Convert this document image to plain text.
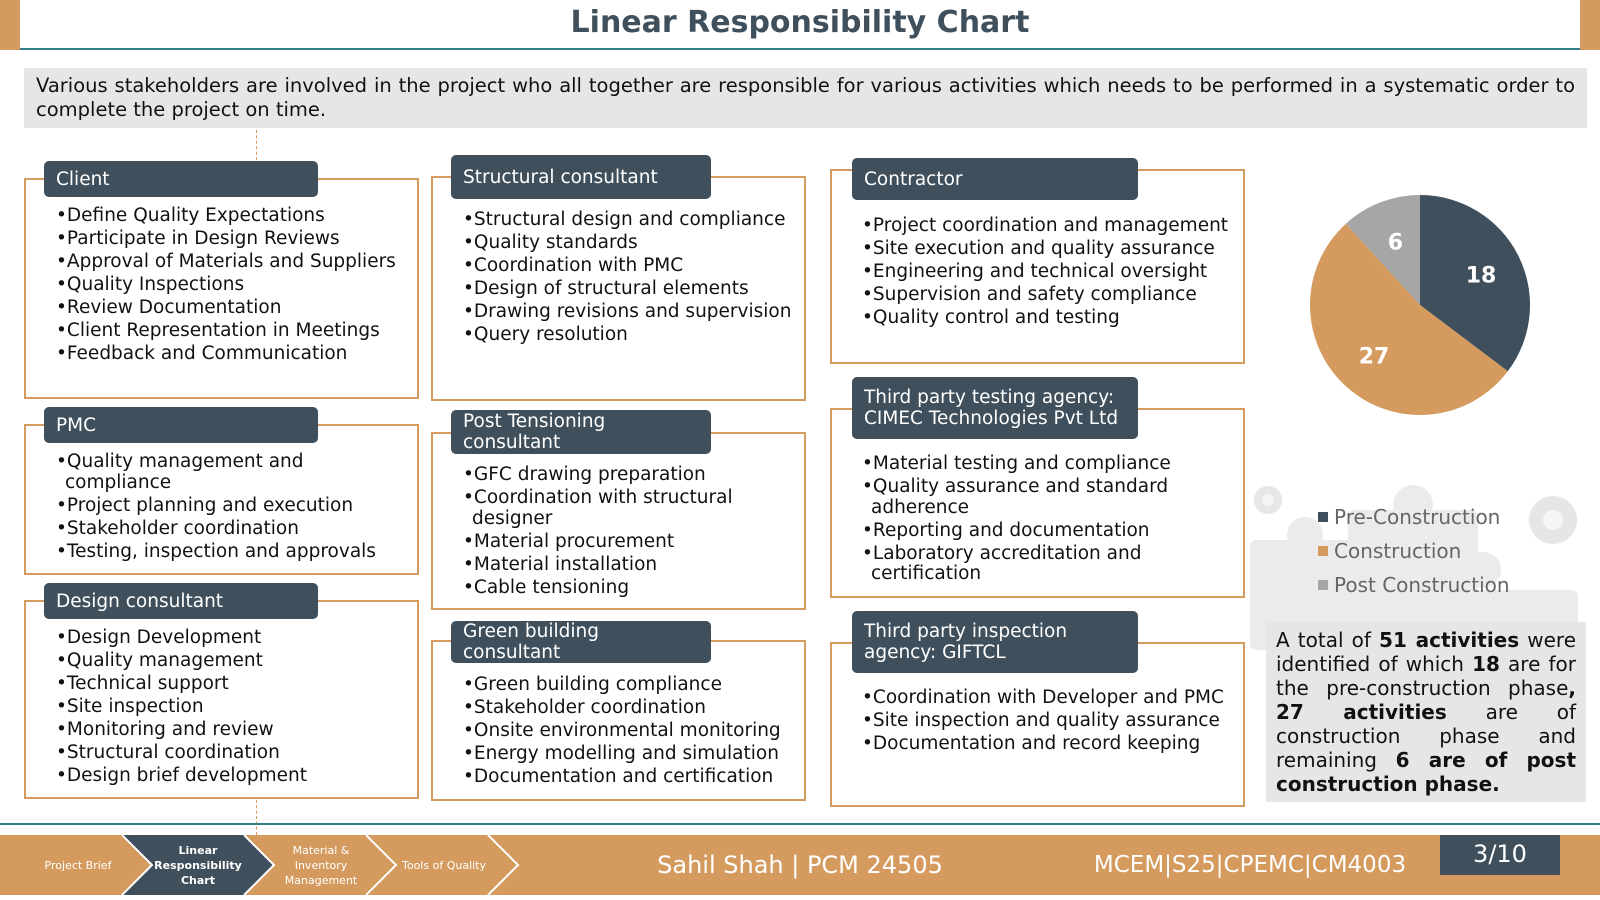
Linear Responsibility Chart
Various stakeholders are involved in the project who all together are responsible for various activities which needs to be performed in a systematic order to complete the project on time.
• Define Quality Expectations
• Participate in Design Reviews
• Approval of Materials and Suppliers
• Quality Inspections
• Review Documentation
• Client Representation in Meetings
• Feedback and Communication
Client
• Quality management and compliance
• Project planning and execution
• Stakeholder coordination
• Testing, inspection and approvals
PMC
• Design Development
• Quality management
• Technical support
• Site inspection
• Monitoring and review
• Structural coordination
• Design brief development
Design consultant
• Structural design and compliance
• Quality standards
• Coordination with PMC
• Design of structural elements
• Drawing revisions and supervision
• Query resolution
Structural consultant
• GFC drawing preparation
• Coordination with structural designer
• Material procurement
• Material installation
• Cable tensioning
Post Tensioning consultant
• Green building compliance
• Stakeholder coordination
• Onsite environmental monitoring
• Energy modelling and simulation
• Documentation and certification
Green building consultant
• Project coordination and management
• Site execution and quality assurance
• Engineering and technical oversight
• Supervision and safety compliance
• Quality control and testing
Contractor
• Material testing and compliance
• Quality assurance and standard adherence
• Reporting and documentation
• Laboratory accreditation and certification
Third party testing agency: CIMEC Technologies Pvt Ltd
• Coordination with Developer and PMC
• Site inspection and quality assurance
• Documentation and record keeping
Third party inspection agency: GIFTCL
18
27
6
Pre-Construction
Construction
Post Construction
A total of 51 activities were identified of which 18 are for the pre-construction phase, 27 activities are of construction phase and remaining 6 are of post construction phase.
Project Brief
Linear Responsibility Chart
Material & Inventory Management
Tools of Quality	Sahil Shah | PCM 24505	MCEM|S25|CPEMC|CM4003	3/10
